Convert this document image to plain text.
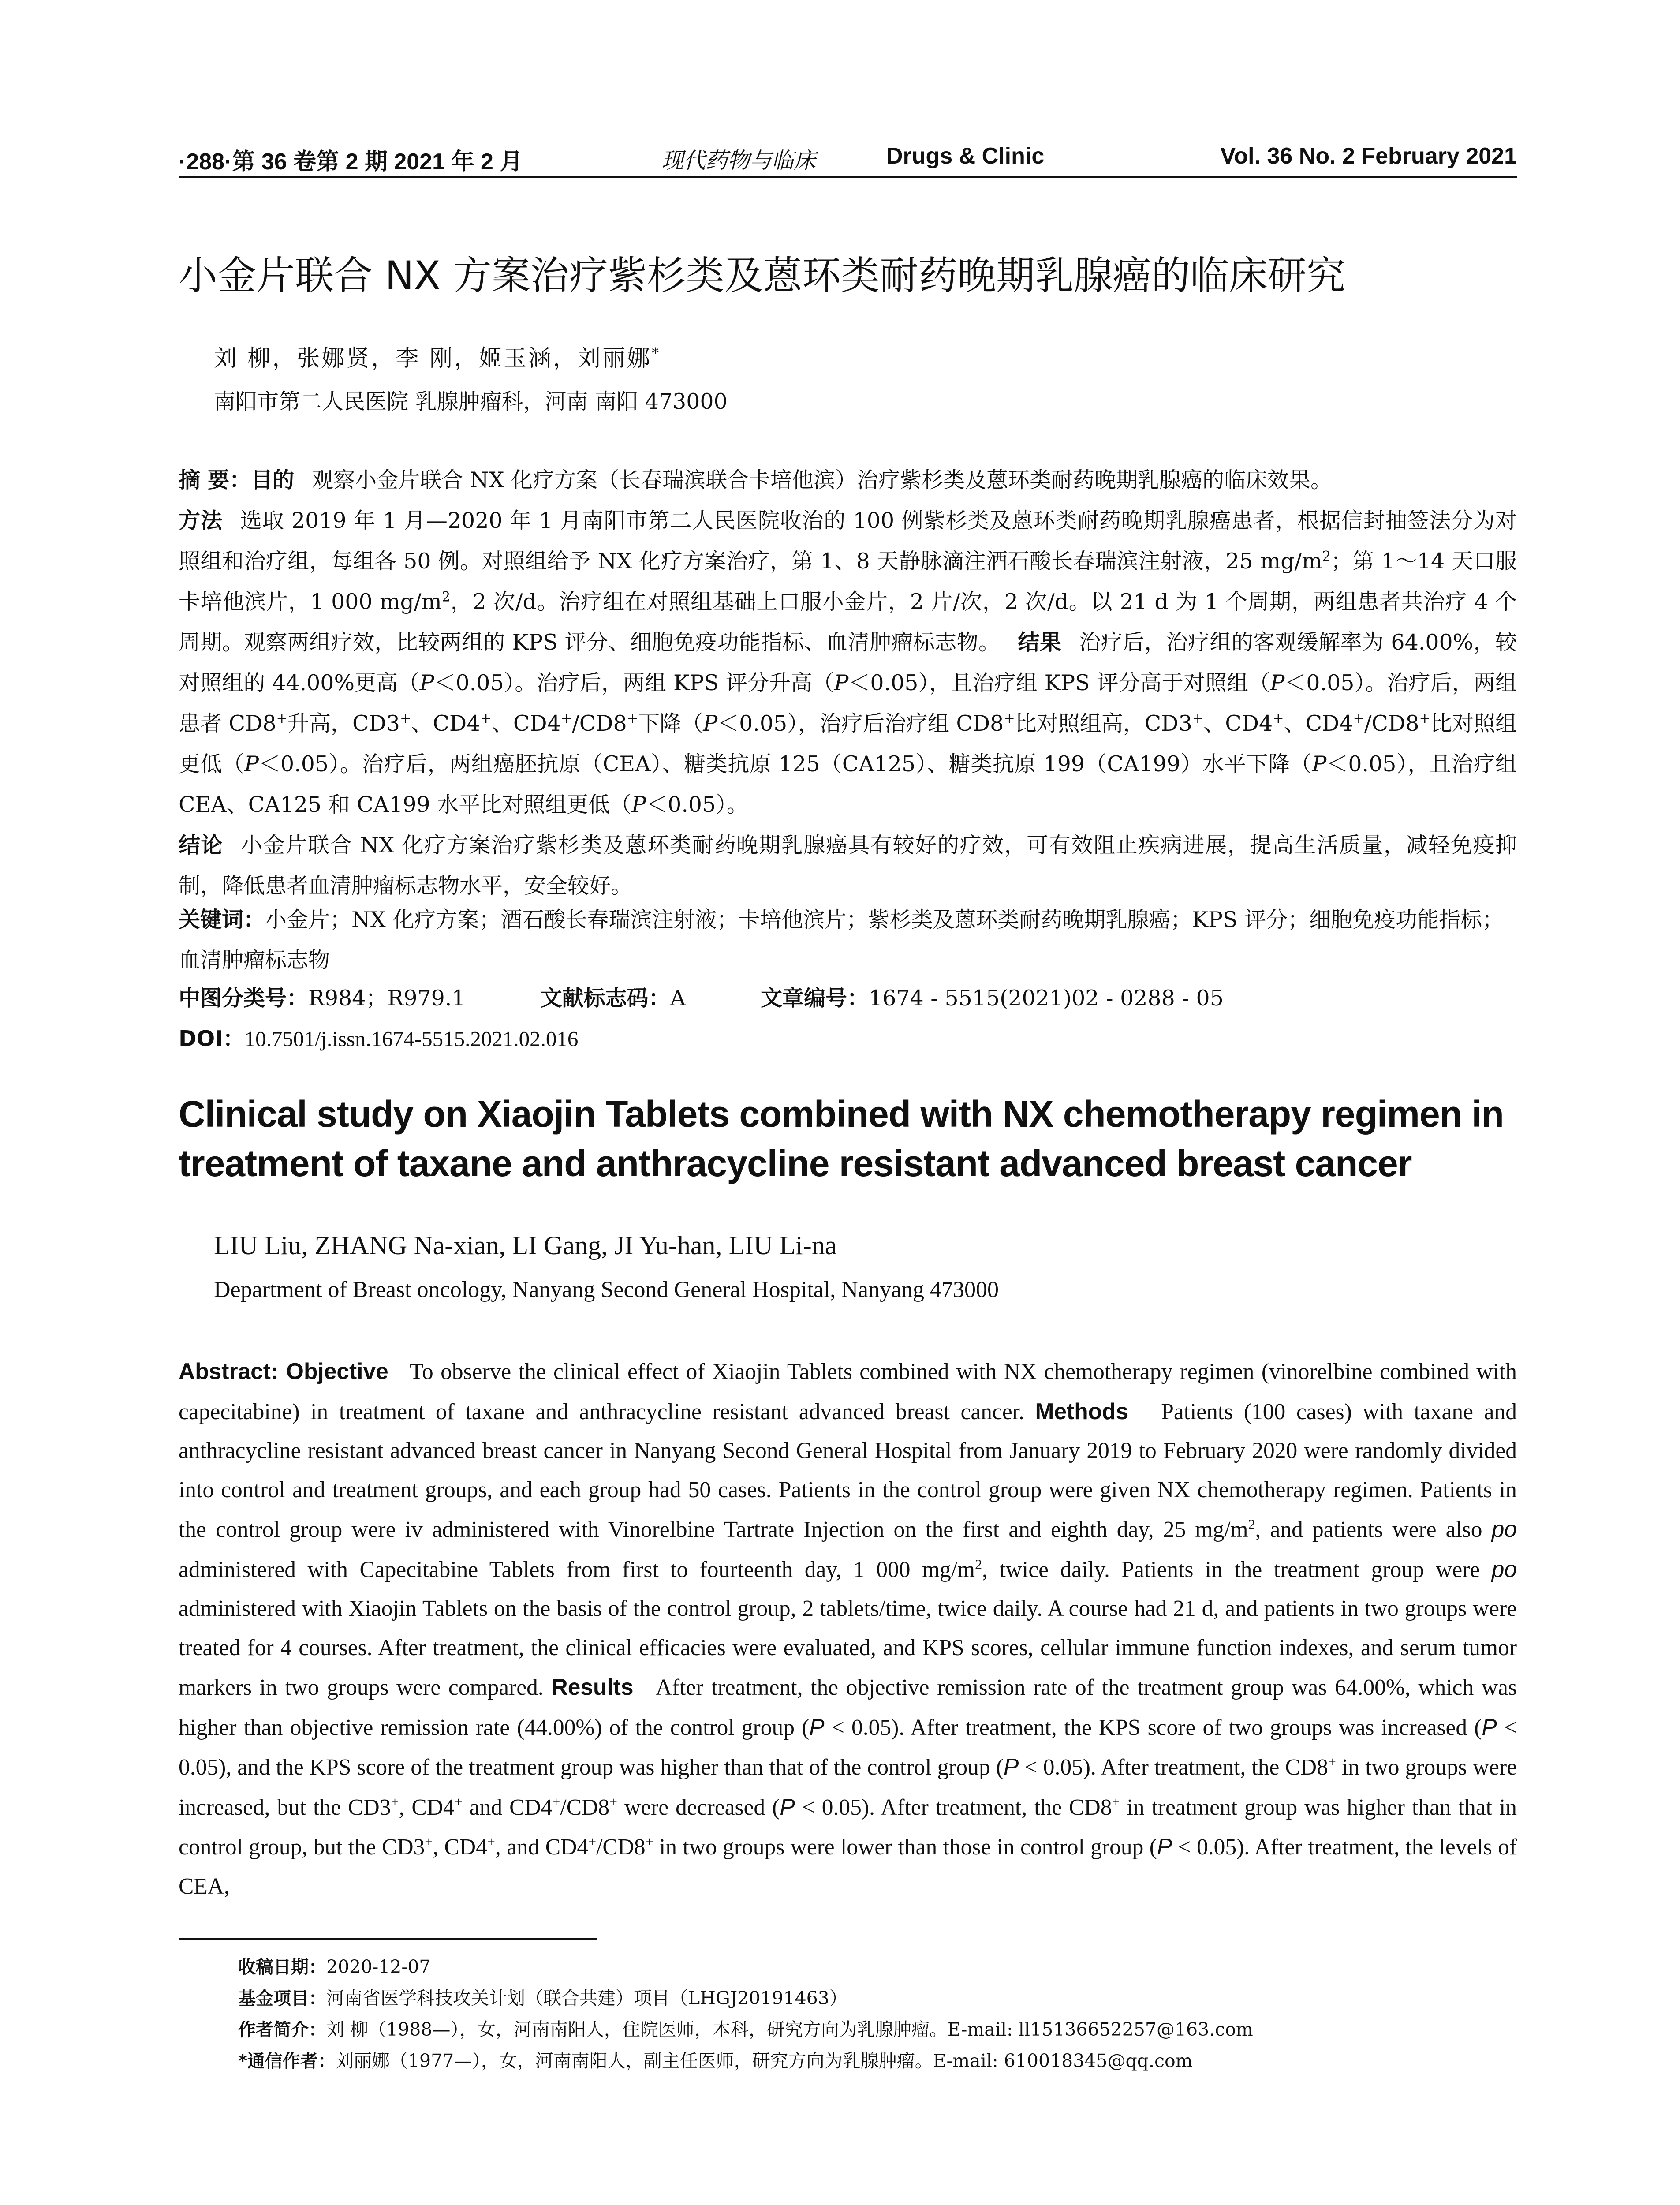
·288·第 36 卷第 2 期 2021 年 2 月	现代药物与临床	Drugs & Clinic	Vol. 36 No. 2 February 2021
小金片联合 NX 方案治疗紫杉类及蒽环类耐药晚期乳腺癌的临床研究
刘 柳，张娜贤，李 刚，姬玉涵，刘丽娜*
南阳市第二人民医院 乳腺肿瘤科，河南 南阳 473000
摘 要：目的 观察小金片联合 NX 化疗方案（长春瑞滨联合卡培他滨）治疗紫杉类及蒽环类耐药晚期乳腺癌的临床效果。
方法 选取 2019 年 1 月—2020 年 1 月南阳市第二人民医院收治的 100 例紫杉类及蒽环类耐药晚期乳腺癌患者，根据信封抽签法分为对照组和治疗组，每组各 50 例。对照组给予 NX 化疗方案治疗，第 1、8 天静脉滴注酒石酸长春瑞滨注射液，25 $mg/m^2$；第 1～14 天口服卡培他滨片，1 000 $mg/m^2$，2 次/d。治疗组在对照组基础上口服小金片，2 片/次，2 次/d。以 21 d 为 1 个周期，两组患者共治疗 4 个周期。观察两组疗效，比较两组的 KPS 评分、细胞免疫功能指标、血清肿瘤标志物。 结果 治疗后，治疗组的客观缓解率为 64.00%，较对照组的 44.00%更高（P＜0.05）。治疗后，两组 KPS 评分升高（P＜0.05），且治疗组 KPS 评分高于对照组（P＜0.05）。治疗后，两组患者 CD8+升高，CD3+、CD4+、CD4+/CD8+下降（P＜0.05），治疗后治疗组 CD8+比对照组高，CD3+、CD4+、CD4+/CD8+比对照组更低（P＜0.05）。治疗后，两组癌胚抗原（CEA）、糖类抗原 125（CA125）、糖类抗原 199（CA199）水平下降（P＜0.05），且治疗组 CEA、CA125 和 CA199 水平比对照组更低（P＜0.05）。
结论 小金片联合 NX 化疗方案治疗紫杉类及蒽环类耐药晚期乳腺癌具有较好的疗效，可有效阻止疾病进展，提高生活质量，减轻免疫抑制，降低患者血清肿瘤标志物水平，安全较好。
关键词：小金片；NX 化疗方案；酒石酸长春瑞滨注射液；卡培他滨片；紫杉类及蒽环类耐药晚期乳腺癌；KPS 评分；细胞免疫功能指标；血清肿瘤标志物
中图分类号：R984；R979.1	文献标志码：A	文章编号：1674 - 5515(2021)02 - 0288 - 05
DOI：10.7501/j.issn.1674-5515.2021.02.016
Clinical study on Xiaojin Tablets combined with NX chemotherapy regimen in treatment of taxane and anthracycline resistant advanced breast cancer
LIU Liu, ZHANG Na-xian, LI Gang, JI Yu-han, LIU Li-na
Department of Breast oncology, Nanyang Second General Hospital, Nanyang 473000
Abstract: Objective To observe the clinical effect of Xiaojin Tablets combined with NX chemotherapy regimen (vinorelbine combined with capecitabine) in treatment of taxane and anthracycline resistant advanced breast cancer. Methods Patients (100 cases) with taxane and anthracycline resistant advanced breast cancer in Nanyang Second General Hospital from January 2019 to February 2020 were randomly divided into control and treatment groups, and each group had 50 cases. Patients in the control group were given NX chemotherapy regimen. Patients in the control group were iv administered with Vinorelbine Tartrate Injection on the first and eighth day, 25 $mg/m^2$, and patients were also po administered with Capecitabine Tablets from first to fourteenth day, 1 000 $mg/m^2$, twice daily. Patients in the treatment group were po administered with Xiaojin Tablets on the basis of the control group, 2 tablets/time, twice daily. A course had 21 d, and patients in two groups were treated for 4 courses. After treatment, the clinical efficacies were evaluated, and KPS scores, cellular immune function indexes, and serum tumor markers in two groups were compared. Results After treatment, the objective remission rate of the treatment group was 64.00%, which was higher than objective remission rate (44.00%) of the control group (P < 0.05). After treatment, the KPS score of two groups was increased (P < 0.05), and the KPS score of the treatment group was higher than that of the control group (P < 0.05). After treatment, the CD8+ in two groups were increased, but the CD3+, CD4+ and CD4+/CD8+ were decreased (P < 0.05). After treatment, the CD8+ in treatment group was higher than that in control group, but the CD3+, CD4+, and CD4+/CD8+ in two groups were lower than those in control group (P < 0.05). After treatment, the levels of CEA,
收稿日期：2020-12-07
基金项目：河南省医学科技攻关计划（联合共建）项目（LHGJ20191463）
作者简介：刘 柳（1988—），女，河南南阳人，住院医师，本科，研究方向为乳腺肿瘤。E-mail: ll15136652257@163.com
*通信作者：刘丽娜（1977—），女，河南南阳人，副主任医师，研究方向为乳腺肿瘤。E-mail: 610018345@qq.com
